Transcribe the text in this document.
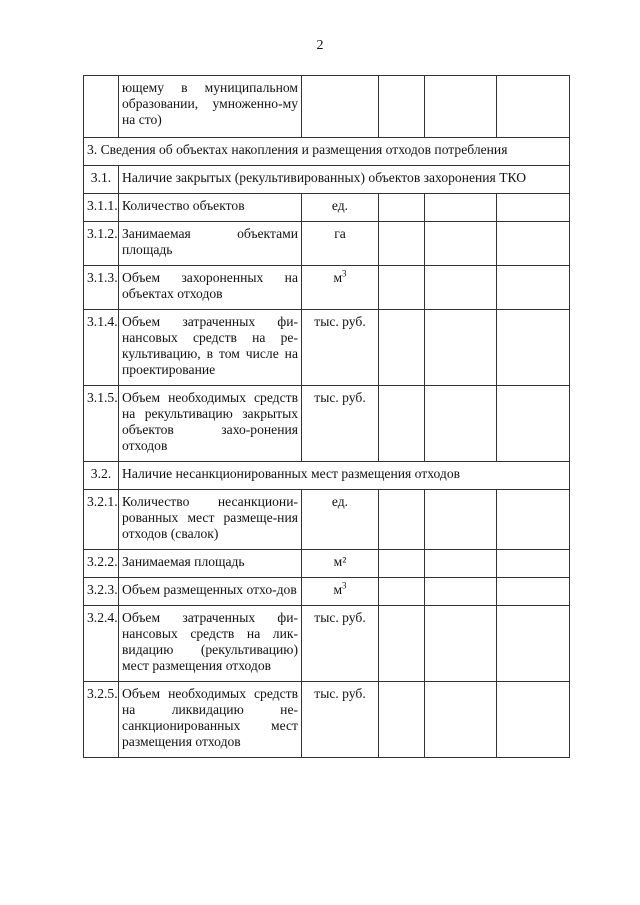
2
	ющему в муниципальном образовании, умноженно-му на сто)				
3. Сведения об объектах накопления и размещения отходов потребления					
3.1.	Наличие закрытых (рекультивированных) объектов захоронения ТКО				
3.1.1.	Количество объектов	ед.			
3.1.2.	Занимаемая объектами площадь	га			
3.1.3.	Объем захороненных на объектах отходов	$м^3$			
3.1.4.	Объем затраченных фи-нансовых средств на ре-культивацию, в том числе на проектирование	тыс. руб.			
3.1.5.	Объем необходимых средств на рекультивацию закрытых объектов захо-ронения отходов	тыс. руб.			
3.2.	Наличие несанкционированных мест размещения отходов				
3.2.1.	Количество несанкциони-рованных мест размеще-ния отходов (свалок)	ед.			
3.2.2.	Занимаемая площадь	м²			
3.2.3.	Объем размещенных отхо-дов	$м^3$			
3.2.4.	Объем затраченных фи-нансовых средств на лик-видацию (рекультивацию) мест размещения отходов	тыс. руб.			
3.2.5.	Объем необходимых средств на ликвидацию не-санкционированных мест размещения отходов	тыс. руб.			
